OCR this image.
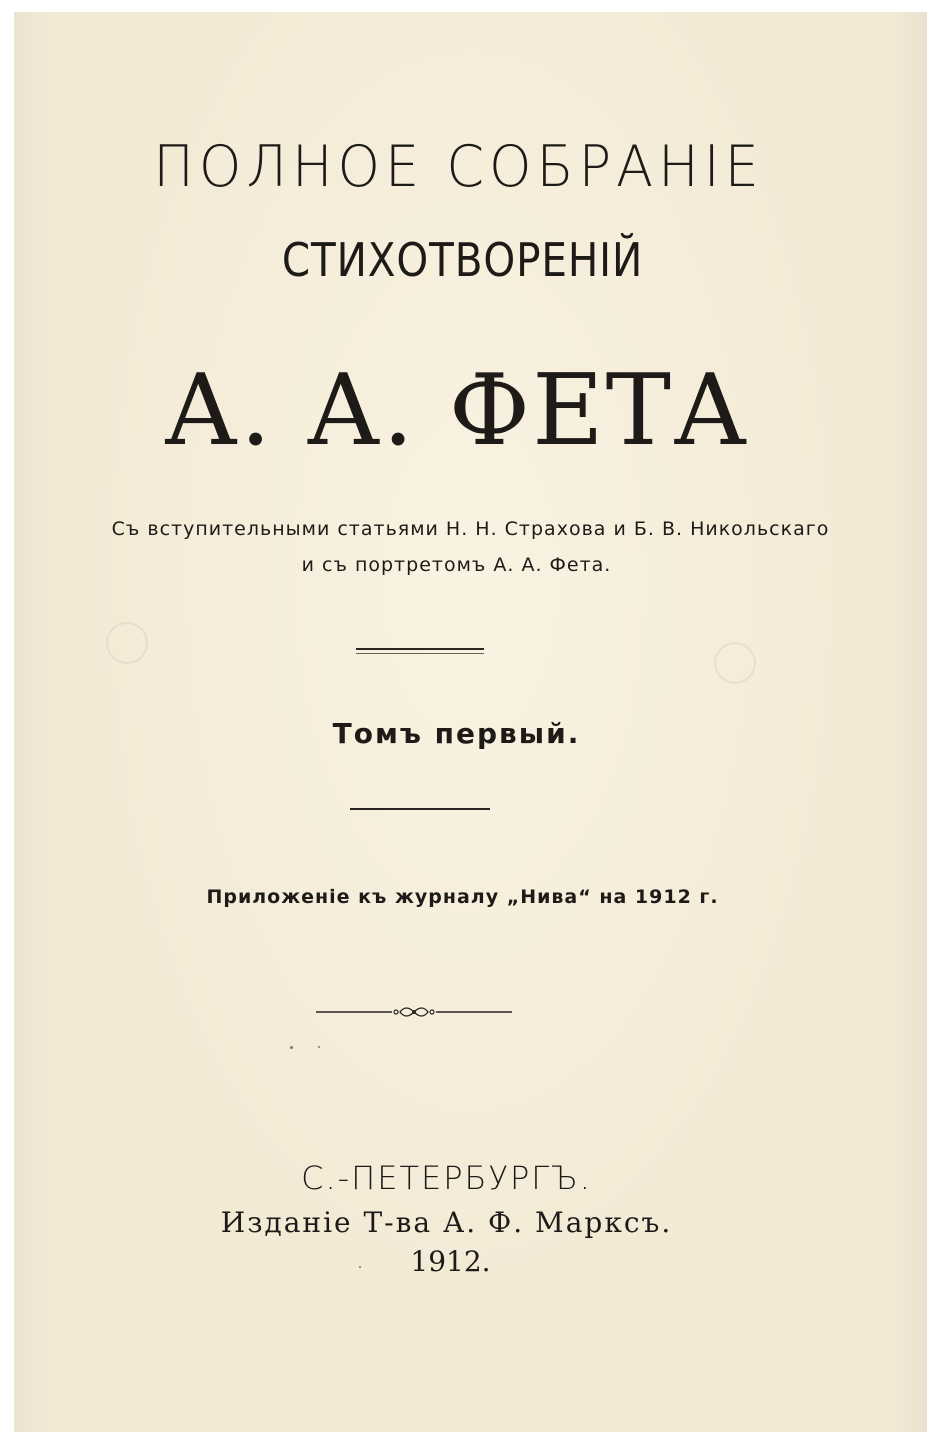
ПОЛНОЕ СОБРАНІЕ
СТИХОТВОРЕНІЙ
А. А. ФЕТА
Съ вступительными статьями Н. Н. Страхова и Б. В. Никольскаго
и съ портретомъ А. А. Фета.
Томъ первый.
Приложеніе къ журналу „Нива“ на 1912 г.
С.-ПЕТЕРБУРГЪ.
Изданіе Т-ва А. Ф. Марксъ.
1912.
